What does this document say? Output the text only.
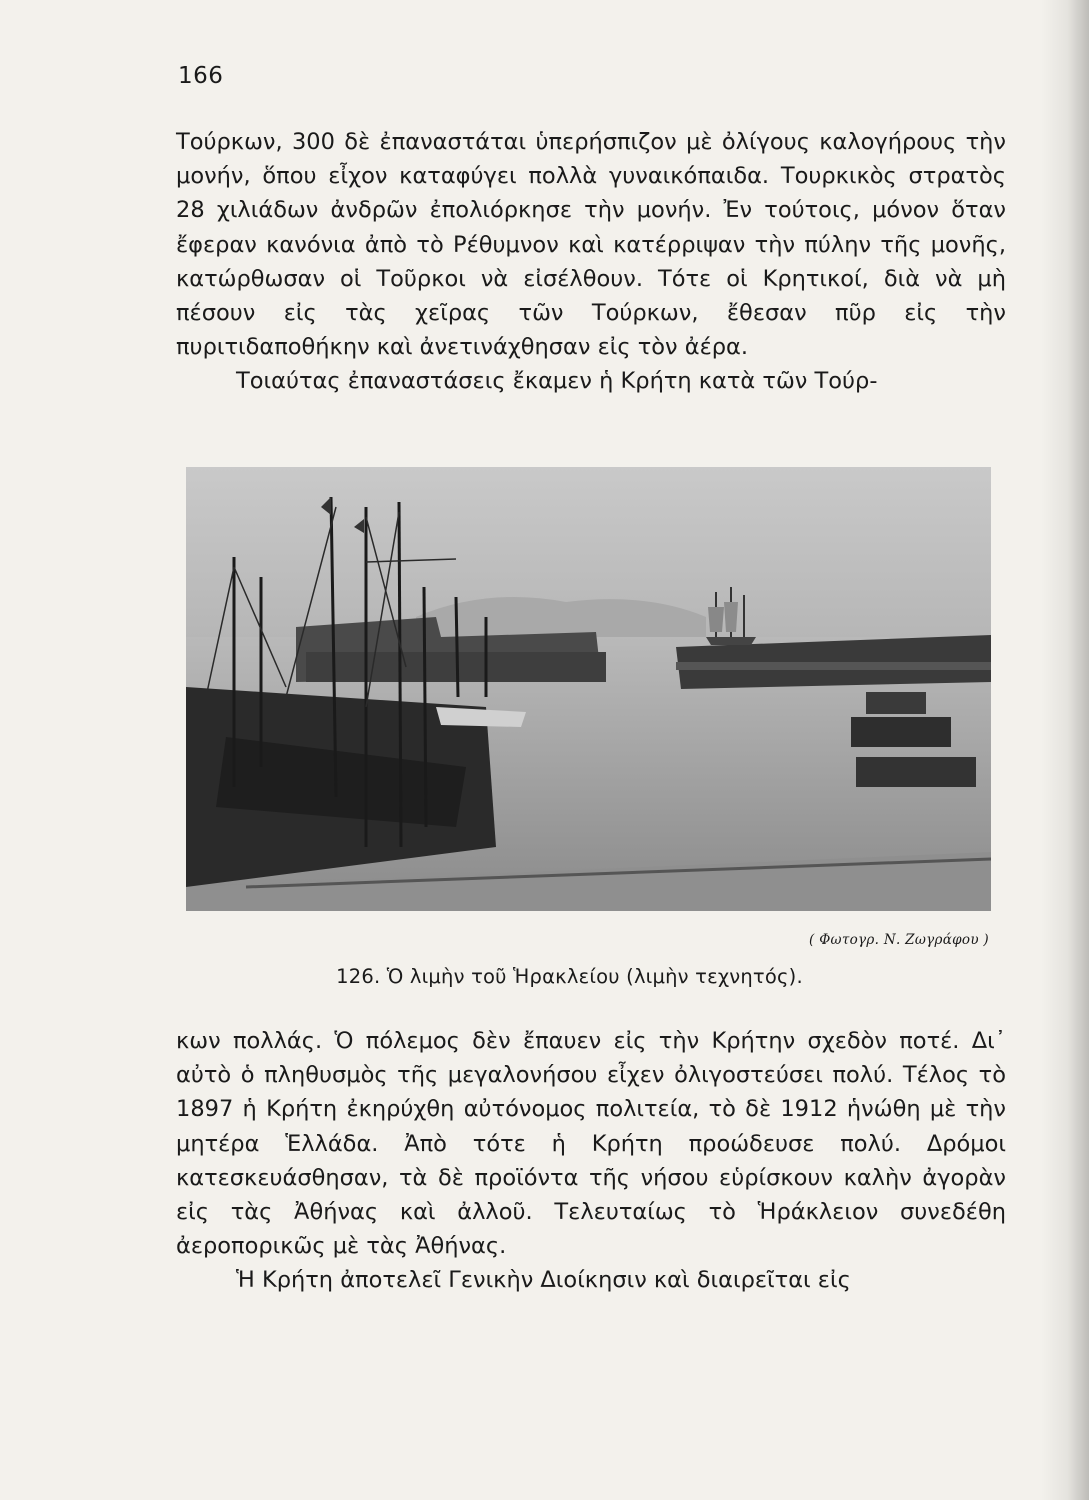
166

Τούρκων, 300 δὲ ἐπαναστάται ὑπερήσπιζον μὲ ὀλίγους καλογήρους τὴν μονήν, ὅπου εἶχον καταφύγει πολλὰ γυναικόπαιδα. Τουρκικὸς στρατὸς 28 χιλιάδων ἀνδρῶν ἐπολιόρκησε τὴν μονήν. Ἐν τούτοις, μόνον ὅταν ἔφεραν κανόνια ἀπὸ τὸ Ρέθυμνον καὶ κατέρριψαν τὴν πύλην τῆς μονῆς, κατώρθωσαν οἱ Τοῦρκοι νὰ εἰσέλθουν. Τότε οἱ Κρητικοί, διὰ νὰ μὴ πέσουν εἰς τὰς χεῖρας τῶν Τούρκων, ἔθεσαν πῦρ εἰς τὴν πυριτιδαποθήκην καὶ ἀνετινάχθησαν εἰς τὸν ἀέρα.

Τοιαύτας ἐπαναστάσεις ἔκαμεν ἡ Κρήτη κατὰ τῶν Τούρ-

( Φωτογρ. Ν. Ζωγράφου )
126. Ὁ λιμὴν τοῦ Ἡρακλείου (λιμὴν τεχνητός).

κων πολλάς. Ὁ πόλεμος δὲν ἔπαυεν εἰς τὴν Κρήτην σχεδὸν ποτέ. Δι᾽ αὐτὸ ὁ πληθυσμὸς τῆς μεγαλονήσου εἶχεν ὀλιγοστεύσει πολύ. Τέλος τὸ 1897 ἡ Κρήτη ἐκηρύχθη αὐτόνομος πολιτεία, τὸ δὲ 1912 ἡνώθη μὲ τὴν μητέρα Ἑλλάδα. Ἀπὸ τότε ἡ Κρήτη προώδευσε πολύ. Δρόμοι κατεσκευάσθησαν, τὰ δὲ προϊόντα τῆς νήσου εὑρίσκουν καλὴν ἀγορὰν εἰς τὰς Ἀθήνας καὶ ἀλλοῦ. Τελευταίως τὸ Ἡράκλειον συνεδέθη ἀεροπορικῶς μὲ τὰς Ἀθήνας.

Ἡ Κρήτη ἀποτελεῖ Γενικὴν Διοίκησιν καὶ διαιρεῖται εἰς
